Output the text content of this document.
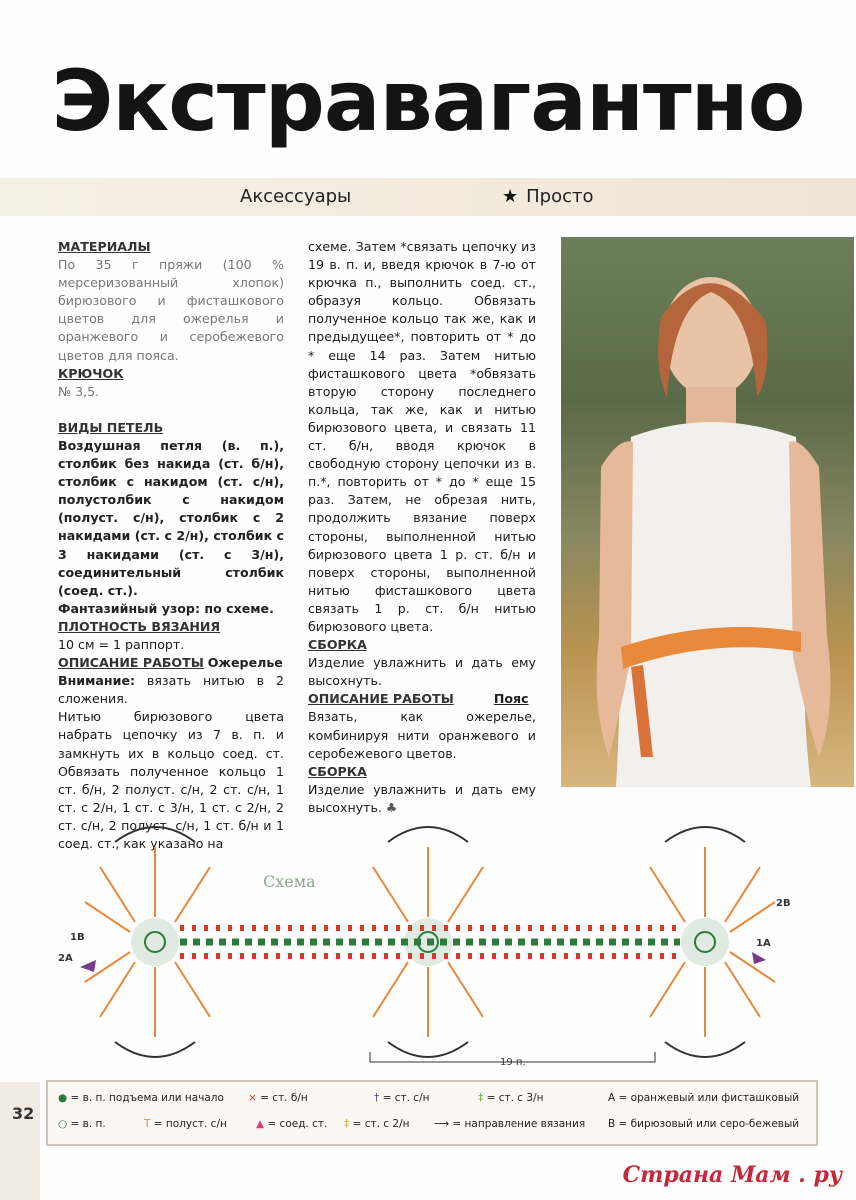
Экстравагантно
Аксессуары	★ Просто

МАТЕРИАЛЫ

По 35 г пряжи (100 % мерсеризованный хлопок) бирюзового и фисташкового цветов для ожерелья и оранжевого и серобежевого цветов для пояса.

КРЮЧОК

№ 3,5.

ВИДЫ ПЕТЕЛЬ

Воздушная петля (в. п.), столбик без накида (ст. б/н), столбик с накидом (ст. с/н), полустолбик с накидом (полуст. с/н), столбик с 2 накидами (ст. с 2/н), столбик с 3 накидами (ст. с 3/н), соединительный столбик (соед. ст.).

Фантазийный узор: по схеме.

ПЛОТНОСТЬ ВЯЗАНИЯ

10 см = 1 раппорт.

ОПИСАНИЕ РАБОТЫ Ожерелье

Внимание: вязать нитью в 2 сложения.

Нитью бирюзового цвета набрать цепочку из 7 в. п. и замкнуть их в кольцо соед. ст. Обвязать полученное кольцо 1 ст. б/н, 2 полуст. с/н, 2 ст. с/н, 1 ст. с 2/н, 1 ст. с 3/н, 1 ст. с 2/н, 2 ст. с/н, 2 полуст. с/н, 1 ст. б/н и 1 соед. ст., как указано на

схеме. Затем *связать цепочку из 19 в. п. и, введя крючок в 7-ю от крючка п., выполнить соед. ст., образуя кольцо. Обвязать полученное кольцо так же, как и предыдущее*, повторить от * до * еще 14 раз. Затем нитью фисташкового цвета *обвязать вторую сторону последнего кольца, так же, как и нитью бирюзового цвета, и связать 11 ст. б/н, вводя крючок в свободную сторону цепочки из в. п.*, повторить от * до * еще 15 раз. Затем, не обрезая нить, продолжить вязание поверх стороны, выполненной нитью бирюзового цвета 1 р. ст. б/н и поверх стороны, выполненной нитью фисташкового цвета связать 1 р. ст. б/н нитью бирюзового цвета.

СБОРКА

Изделие увлажнить и дать ему высохнуть.

ОПИСАНИЕ РАБОТЫ	Пояс

Вязать, как ожерелье, комбинируя нити оранжевого и серобежевого цветов.

СБОРКА

Изделие увлажнить и дать ему высохнуть. ♣

Схема
1В
2А
2В
1А
19 п.
● = в. п. подъема или начало
○ = в. п.
× = ст. б/н
T = полуст. с/н
† = ст. с/н
▲ = соед. ст.
‡ = ст. с 3/н
‡ = ст. с 2/н ⟶ = направление вязания
А = оранжевый или фисташковый
В = бирюзовый или серо-бежевый
32
Страна Мам . ру
